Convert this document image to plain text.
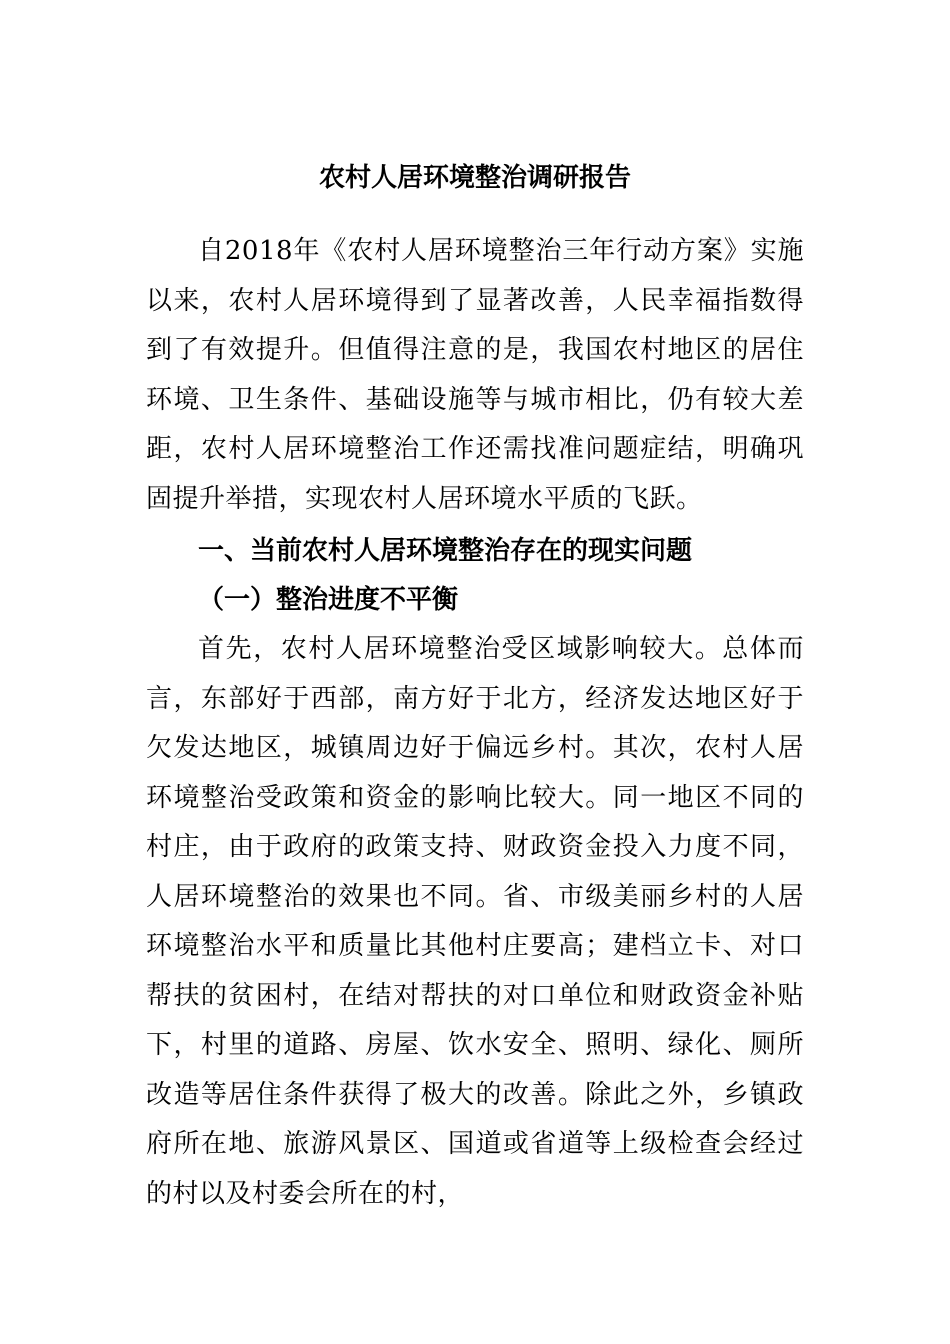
农村人居环境整治调研报告

自2018年《农村人居环境整治三年行动方案》实施以来，农村人居环境得到了显著改善，人民幸福指数得到了有效提升。但值得注意的是，我国农村地区的居住环境、卫生条件、基础设施等与城市相比，仍有较大差距，农村人居环境整治工作还需找准问题症结，明确巩固提升举措，实现农村人居环境水平质的飞跃。

一、当前农村人居环境整治存在的现实问题
（一）整治进度不平衡

首先，农村人居环境整治受区域影响较大。总体而言，东部好于西部，南方好于北方，经济发达地区好于欠发达地区，城镇周边好于偏远乡村。其次，农村人居环境整治受政策和资金的影响比较大。同一地区不同的村庄，由于政府的政策支持、财政资金投入力度不同，人居环境整治的效果也不同。省、市级美丽乡村的人居环境整治水平和质量比其他村庄要高；建档立卡、对口帮扶的贫困村，在结对帮扶的对口单位和财政资金补贴下，村里的道路、房屋、饮水安全、照明、绿化、厕所改造等居住条件获得了极大的改善。除此之外，乡镇政府所在地、旅游风景区、国道或省道等上级检查会经过的村以及村委会所在的村，
